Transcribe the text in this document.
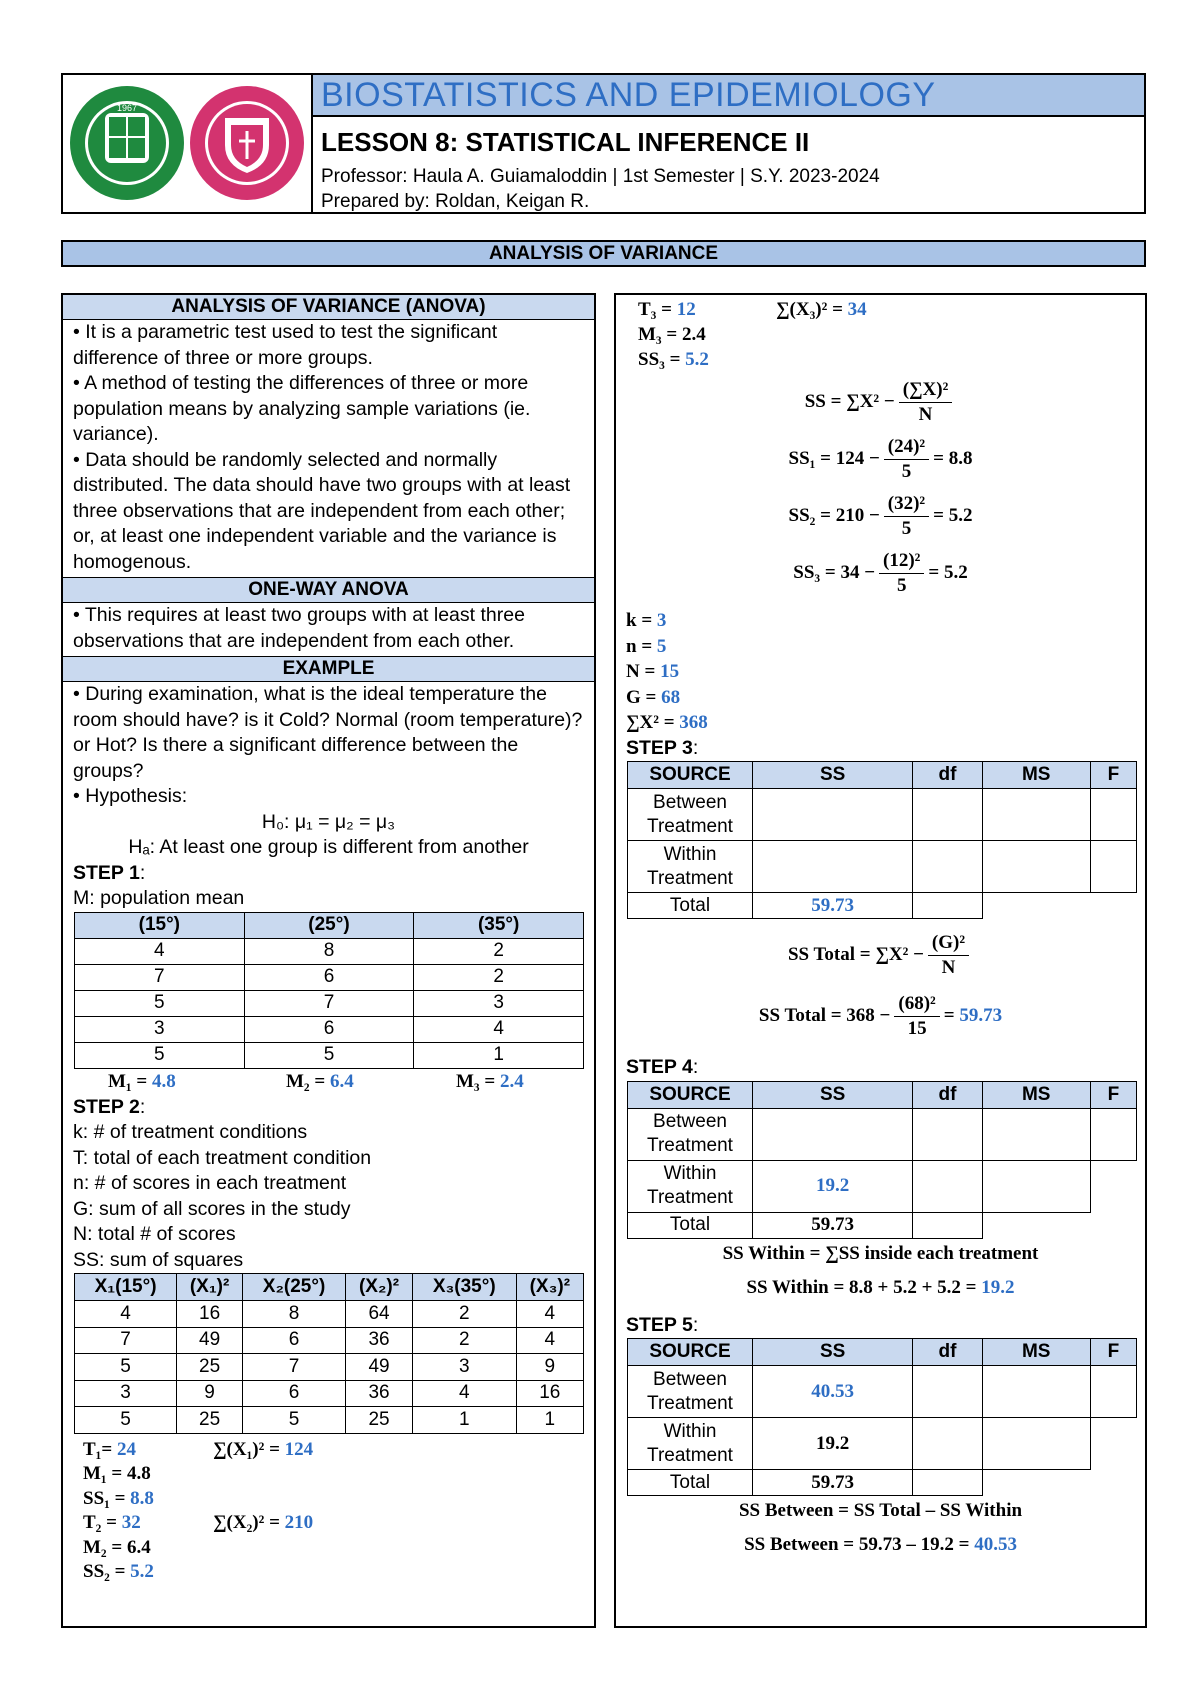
1967	BIOSTATISTICS AND EPIDEMIOLOGY
LESSON 8: STATISTICAL INFERENCE II
Professor: Haula A. Guiamaloddin | 1st Semester | S.Y. 2023-2024
Prepared by: Roldan, Keigan R.
ANALYSIS OF VARIANCE
ANALYSIS OF VARIANCE (ANOVA)
• It is a parametric test used to test the significant difference of three or more groups.
• A method of testing the differences of three or more population means by analyzing sample variations (ie. variance).
• Data should be randomly selected and normally distributed. The data should have two groups with at least three observations that are independent from each other; or, at least one independent variable and the variance is homogenous.
ONE-WAY ANOVA
• This requires at least two groups with at least three observations that are independent from each other.
EXAMPLE
• During examination, what is the ideal temperature the room should have? is it Cold? Normal (room temperature)? or Hot? Is there a significant difference between the groups?
• Hypothesis:
H₀: μ₁ = μ₂ = μ₃
Hₐ: At least one group is different from another
STEP 1:
M: population mean
(15°)	(25°)	(35°)
4	8	2
7	6	2
5	7	3
3	6	4
5	5	1
M₁ = 4.8	M₂ = 6.4	M₃ = 2.4
STEP 2:
k: # of treatment conditions
T: total of each treatment condition
n: # of scores in each treatment
G: sum of all scores in the study
N: total # of scores
SS: sum of squares
X₁(15°)	(X₁)²	X₂(25°)	(X₂)²	X₃(35°)	(X₃)²
4	16	8	64	2	4
7	49	6	36	2	4
5	25	7	49	3	9
3	9	6	36	4	16
5	25	5	25	1	1
T₁= 24	∑(X₁)² = 124
M₁ = 4.8
SS₁ = 8.8
T₂ = 32	∑(X₂)² = 210
M₂ = 6.4
SS₂ = 5.2
T₃ = 12	∑(X₃)² = 34
M₃ = 2.4
SS₃ = 5.2
SS = $\sum X^2 - \frac{\text{(∑X)²}}{N}$
$SS_1 = 124 - \frac{\text{(24)²}}{5} = 8.8$
$SS_2 = 210 - \frac{\text{(32)²}}{5} = 5.2$
$SS_3 = 34 - \frac{\text{(12)²}}{5} = 5.2$
k = 3
n = 5
N = 15
G = 68
∑X² = 368
STEP 3:
SOURCE	SS	df	MS	F
Between Treatment				
Within Treatment				
Total	59.73			
SS Total = $\sum X^2 - \frac{\text{(G)²}}{N}$
SS Total = $368 - \frac{\text{(68)²}}{15} = 59.73$
STEP 4:
SOURCE	SS	df	MS	F
Between Treatment				
Within Treatment	19.2			
Total	59.73			
SS Within = ∑SS inside each treatment
SS Within = 8.8 + 5.2 + 5.2 = 19.2
STEP 5:
SOURCE	SS	df	MS	F
Between Treatment	40.53			
Within Treatment	19.2			
Total	59.73			
SS Between = SS Total – SS Within
SS Between = 59.73 – 19.2 = 40.53
